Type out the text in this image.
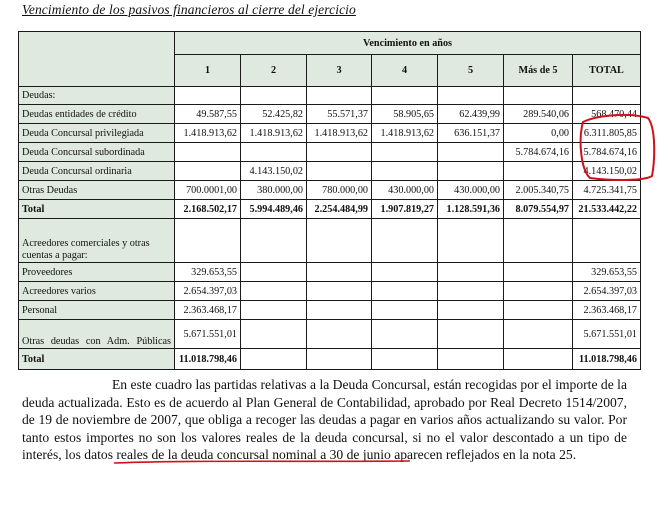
Vencimiento de los pasivos financieros al cierre del ejercicio
	Vencimiento en años						
	1	2	3	4	5	Más de 5	TOTAL
Deudas:							
Deudas entidades de crédito	49.587,55	52.425,82	55.571,37	58.905,65	62.439,99	289.540,06	568.470,44
Deuda Concursal privilegiada	1.418.913,62	1.418.913,62	1.418.913,62	1.418.913,62	636.151,37	0,00	6.311.805,85
Deuda Concursal subordinada						5.784.674,16	5.784.674,16
Deuda Concursal ordinaria		4.143.150,02					4.143.150,02
Otras Deudas	700.0001,00	380.000,00	780.000,00	430.000,00	430.000,00	2.005.340,75	4.725.341,75
Total	2.168.502,17	5.994.489,46	2.254.484,99	1.907.819,27	1.128.591,36	8.079.554,97	21.533.442,22
Acreedores comerciales y otras cuentas a pagar:							
Proveedores	329.653,55						329.653,55
Acreedores varios	2.654.397,03						2.654.397,03
Personal	2.363.468,17						2.363.468,17
Otras deudas con Adm. Públicas	5.671.551,01						5.671.551,01
Total	11.018.798,46						11.018.798,46

En este cuadro las partidas relativas a la Deuda Concursal, están recogidas por el importe de la deuda actualizada. Esto es de acuerdo al Plan General de Contabilidad, aprobado por Real Decreto 1514/2007, de 19 de noviembre de 2007, que obliga a recoger las deudas a pagar en varios años actualizando su valor. Por tanto estos importes no son los valores reales de la deuda concursal, si no el valor descontado a un tipo de interés, los datos reales de la deuda concursal nominal a 30 de junio aparecen reflejados en la nota 25.
